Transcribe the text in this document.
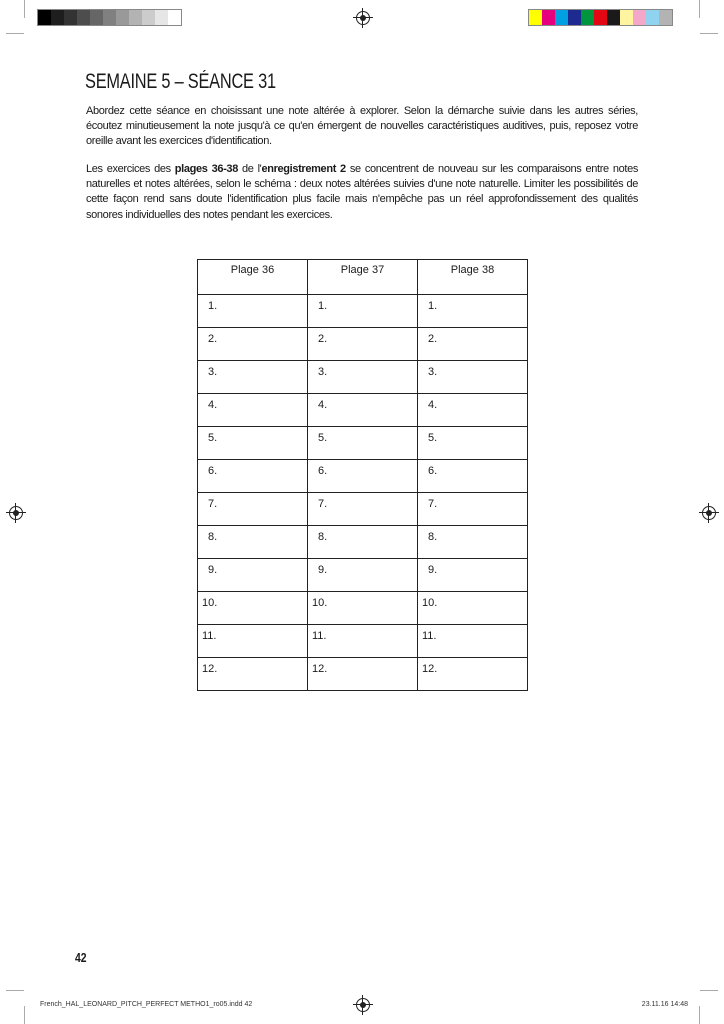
SEMAINE 5 – SÉANCE 31

Abordez cette séance en choisissant une note altérée à explorer. Selon la démarche suivie dans les autres séries, écoutez minutieusement la note jusqu'à ce qu'en émergent de nouvelles caractéristiques auditives, puis, reposez votre oreille avant les exercices d'identification.

Les exercices des plages 36-38 de l'enregistrement 2 se concentrent de nouveau sur les comparaisons entre notes naturelles et notes altérées, selon le schéma : deux notes altérées suivies d'une note naturelle. Limiter les possibilités de cette façon rend sans doute l'identification plus facile mais n'empêche pas un réel approfondissement des qualités sonores individuelles des notes pendant les exercices.

Plage 36	Plage 37	Plage 38
1.	1.	1.
2.	2.	2.
3.	3.	3.
4.	4.	4.
5.	5.	5.
6.	6.	6.
7.	7.	7.
8.	8.	8.
9.	9.	9.
10.	10.	10.
11.	11.	11.
12.	12.	12.
42
French_HAL_LEONARD_PITCH_PERFECT METHO1_ro05.indd 42	23.11.16 14:48
